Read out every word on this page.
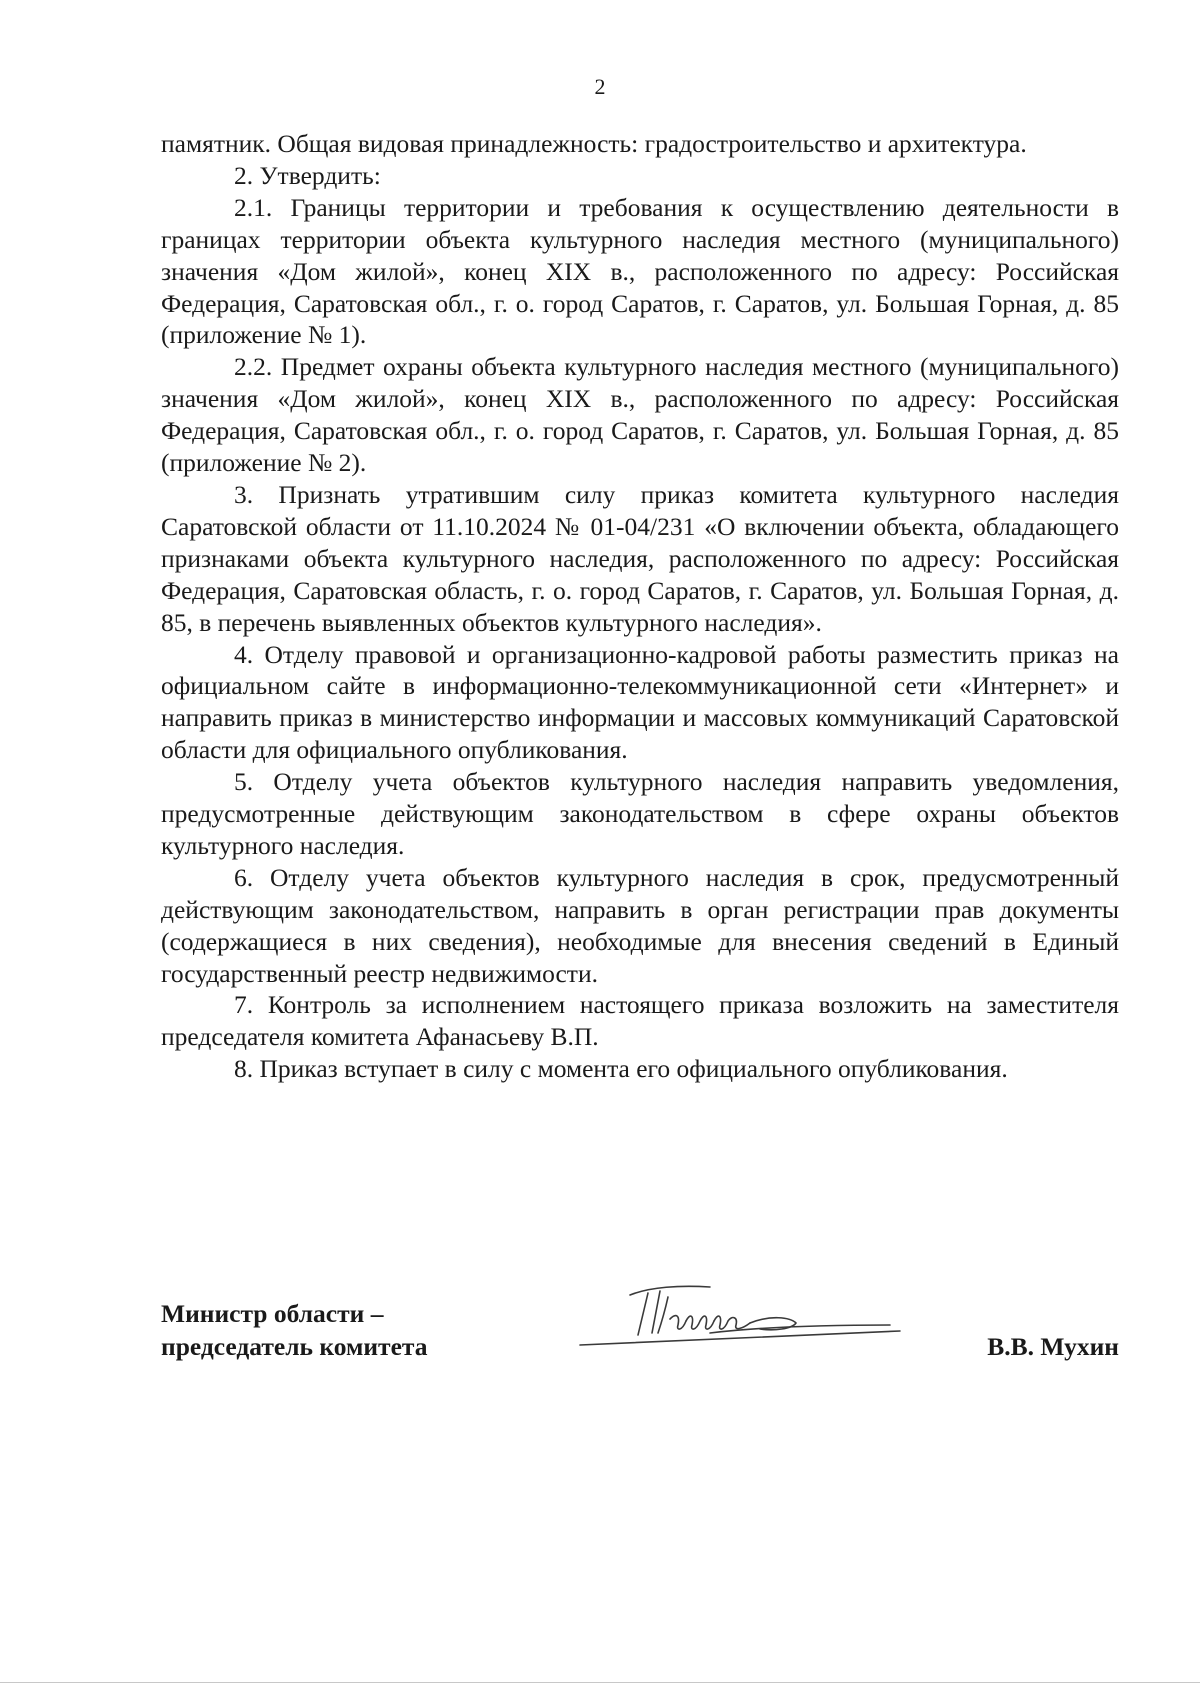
2

памятник. Общая видовая принадлежность: градостроительство и архитектура.

2. Утвердить:

2.1. Границы территории и требования к осуществлению деятельности в границах территории объекта культурного наследия местного (муниципального) значения «Дом жилой», конец XIX в., расположенного по адресу: Российская Федерация, Саратовская обл., г. о. город Саратов, г. Саратов, ул. Большая Горная, д. 85 (приложение № 1).

2.2. Предмет охраны объекта культурного наследия местного (муниципального) значения «Дом жилой», конец XIX в., расположенного по адресу: Российская Федерация, Саратовская обл., г. о. город Саратов, г. Саратов, ул. Большая Горная, д. 85 (приложение № 2).

3. Признать утратившим силу приказ комитета культурного наследия Саратовской области от 11.10.2024 № 01-04/231 «О включении объекта, обладающего признаками объекта культурного наследия, расположенного по адресу: Российская Федерация, Саратовская область, г. о. город Саратов, г. Саратов, ул. Большая Горная, д. 85, в перечень выявленных объектов культурного наследия».

4. Отделу правовой и организационно-кадровой работы разместить приказ на официальном сайте в информационно-телекоммуникационной сети «Интернет» и направить приказ в министерство информации и массовых коммуникаций Саратовской области для официального опубликования.

5. Отделу учета объектов культурного наследия направить уведомления, предусмотренные действующим законодательством в сфере охраны объектов культурного наследия.

6. Отделу учета объектов культурного наследия в срок, предусмотренный действующим законодательством, направить в орган регистрации прав документы (содержащиеся в них сведения), необходимые для внесения сведений в Единый государственный реестр недвижимости.

7. Контроль за исполнением настоящего приказа возложить на заместителя председателя комитета Афанасьеву В.П.

8. Приказ вступает в силу с момента его официального опубликования.

Министр области –
председатель комитета	В.В. Мухин
